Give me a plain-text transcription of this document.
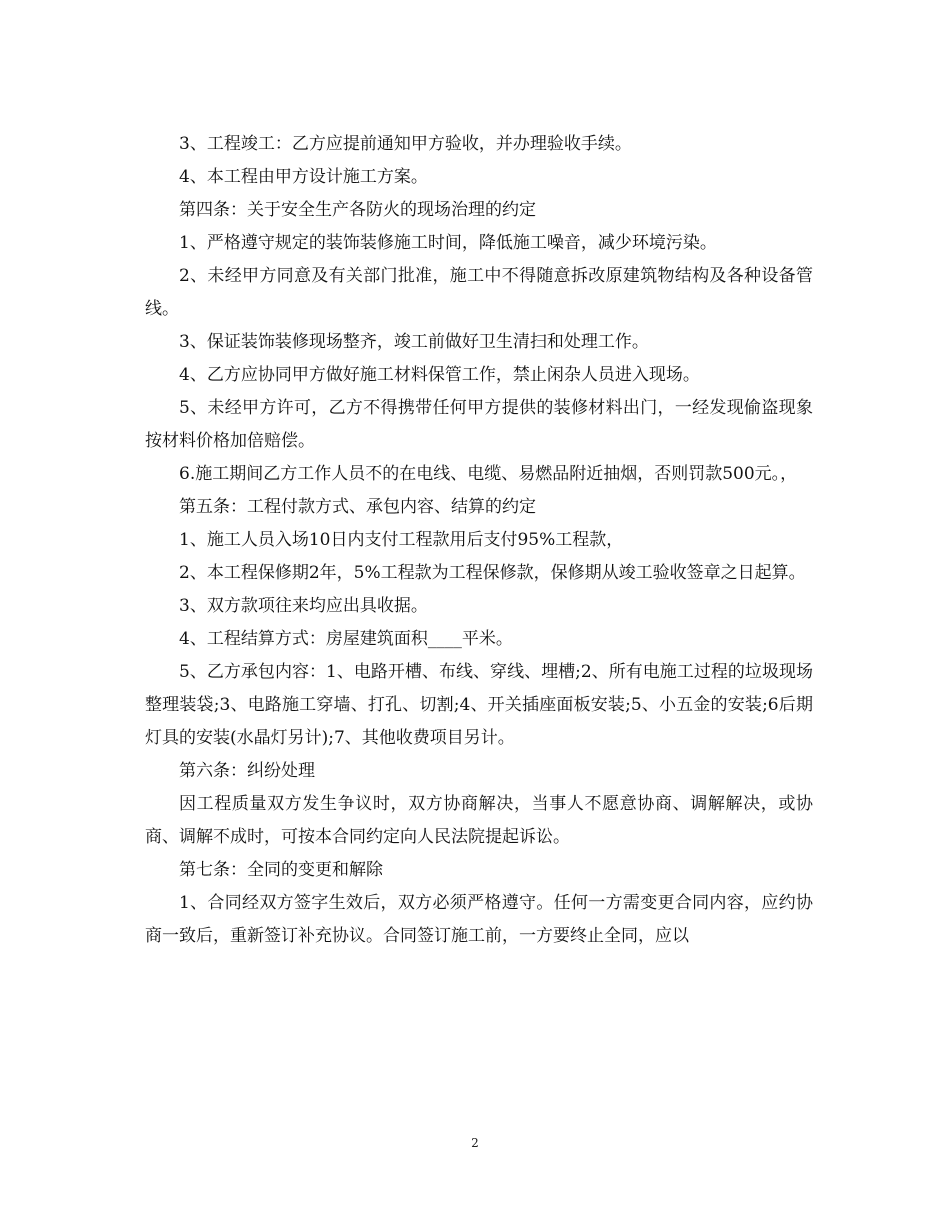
3、工程竣工：乙方应提前通知甲方验收，并办理验收手续。

4、本工程由甲方设计施工方案。

第四条：关于安全生产各防火的现场治理的约定

1、严格遵守规定的装饰装修施工时间，降低施工噪音，减少环境污染。

2、未经甲方同意及有关部门批准，施工中不得随意拆改原建筑物结构及各种设备管线。

3、保证装饰装修现场整齐，竣工前做好卫生清扫和处理工作。

4、乙方应协同甲方做好施工材料保管工作，禁止闲杂人员进入现场。

5、未经甲方许可，乙方不得携带任何甲方提供的装修材料出门，一经发现偷盗现象按材料价格加倍赔偿。

6.施工期间乙方工作人员不的在电线、电缆、易燃品附近抽烟，否则罚款500元。，

第五条：工程付款方式、承包内容、结算的约定

1、施工人员入场10日内支付工程款用后支付95%工程款，

2、本工程保修期2年，5%工程款为工程保修款，保修期从竣工验收签章之日起算。

3、双方款项往来均应出具收据。

4、工程结算方式：房屋建筑面积____平米。

5、乙方承包内容：1、电路开槽、布线、穿线、埋槽;2、所有电施工过程的垃圾现场整理装袋;3、电路施工穿墙、打孔、切割;4、开关插座面板安装;5、小五金的安装;6后期灯具的安装(水晶灯另计);7、其他收费项目另计。

第六条：纠纷处理

因工程质量双方发生争议时，双方协商解决，当事人不愿意协商、调解解决，或协商、调解不成时，可按本合同约定向人民法院提起诉讼。

第七条：全同的变更和解除

1、合同经双方签字生效后，双方必须严格遵守。任何一方需变更合同内容，应约协商一致后，重新签订补充协议。合同签订施工前，一方要终止全同，应以

2
